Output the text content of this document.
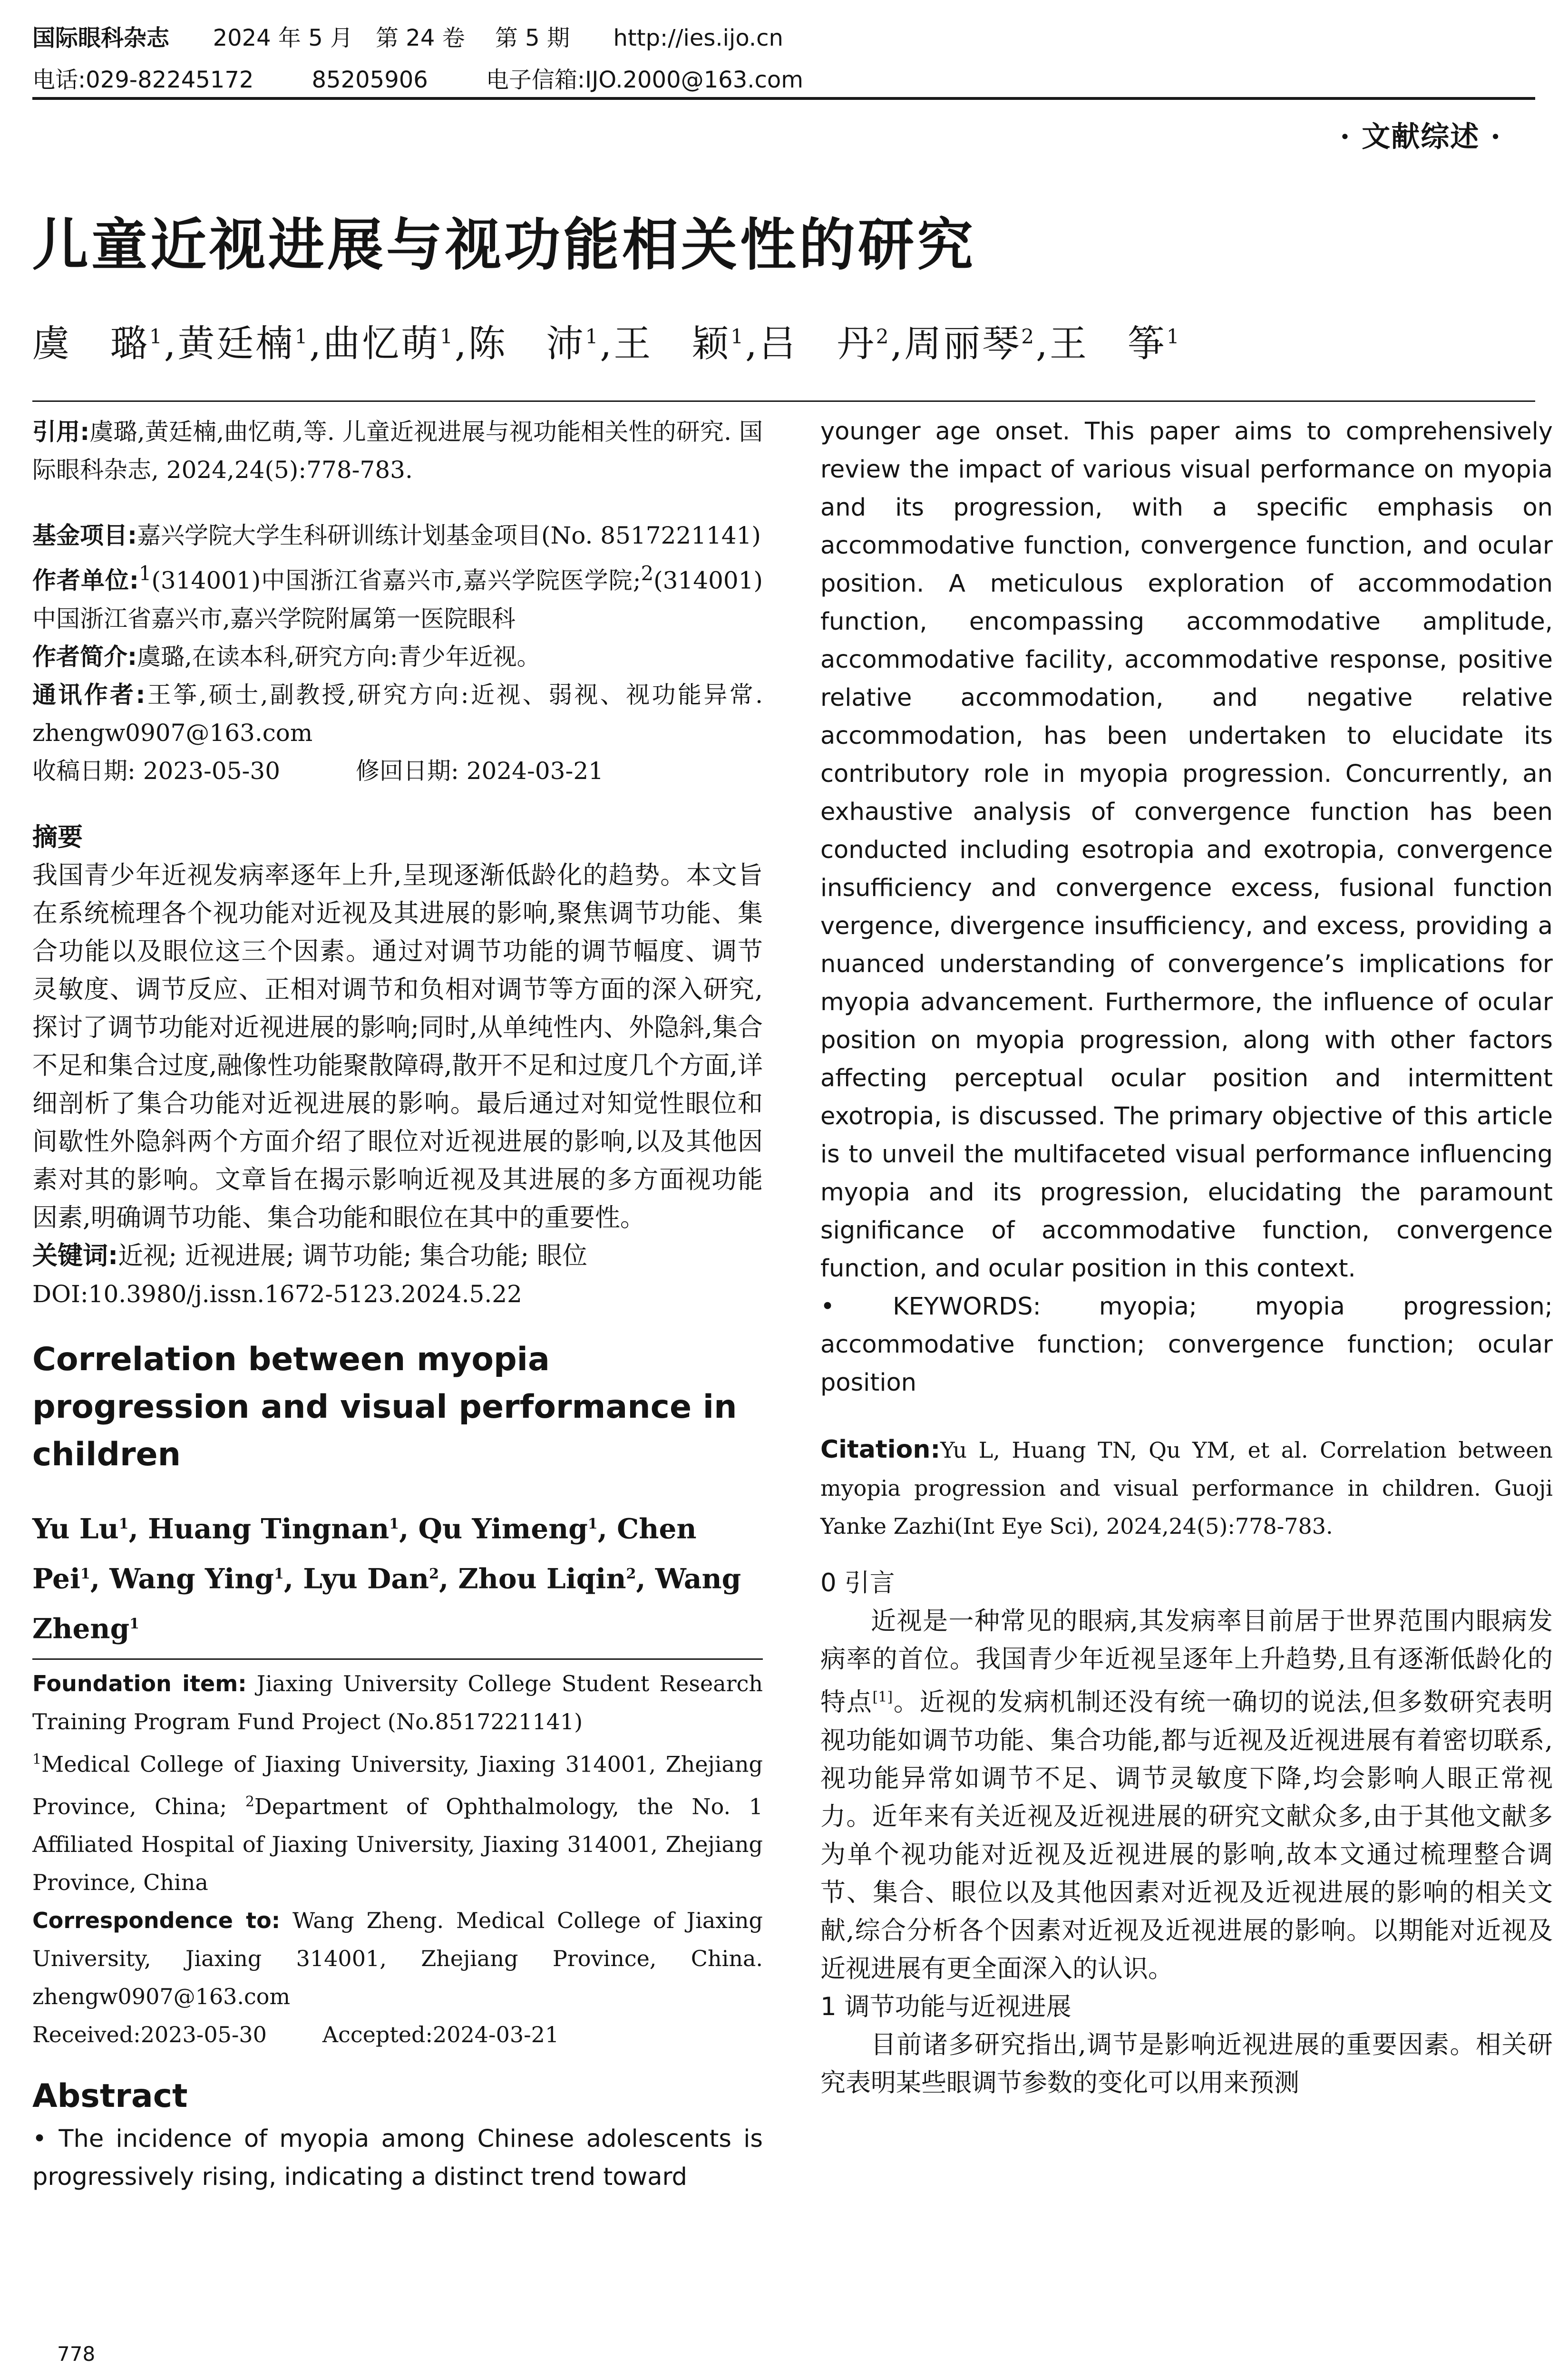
国际眼科杂志 2024 年 5 月　第 24 卷　 第 5 期 http://ies.ijo.cn
电话:029-82245172	85205906	电子信箱:IJO.2000@163.com
· 文献综述 ·
儿童近视进展与视功能相关性的研究
虞　璐$^1$,黄廷楠$^1$,曲忆萌$^1$,陈　沛$^1$,王　颖$^1$,吕　丹$^2$,周丽琴$^2$,王　筝$^1$

引用:虞璐,黄廷楠,曲忆萌,等. 儿童近视进展与视功能相关性的研究. 国际眼科杂志, 2024,24(5):778-783.

基金项目:嘉兴学院大学生科研训练计划基金项目(No. 8517221141)

作者单位:$^1$(314001)中国浙江省嘉兴市,嘉兴学院医学院;$^2$(314001)中国浙江省嘉兴市,嘉兴学院附属第一医院眼科

作者简介:虞璐,在读本科,研究方向:青少年近视。

通讯作者:王筝,硕士,副教授,研究方向:近视、弱视、视功能异常. zhengw0907@163.com

收稿日期: 2023-05-30	修回日期: 2024-03-21

摘要

我国青少年近视发病率逐年上升,呈现逐渐低龄化的趋势。本文旨在系统梳理各个视功能对近视及其进展的影响,聚焦调节功能、集合功能以及眼位这三个因素。通过对调节功能的调节幅度、调节灵敏度、调节反应、正相对调节和负相对调节等方面的深入研究,探讨了调节功能对近视进展的影响;同时,从单纯性内、外隐斜,集合不足和集合过度,融像性功能聚散障碍,散开不足和过度几个方面,详细剖析了集合功能对近视进展的影响。最后通过对知觉性眼位和间歇性外隐斜两个方面介绍了眼位对近视进展的影响,以及其他因素对其的影响。文章旨在揭示影响近视及其进展的多方面视功能因素,明确调节功能、集合功能和眼位在其中的重要性。

关键词:近视; 近视进展; 调节功能; 集合功能; 眼位

DOI:10.3980/j.issn.1672-5123.2024.5.22

Correlation between myopia progression and visual performance in children

Yu Lu$^1$, Huang Tingnan$^1$, Qu Yimeng$^1$, Chen Pei$^1$, Wang Ying$^1$, Lyu Dan$^2$, Zhou Liqin$^2$, Wang Zheng$^1$

Foundation item: Jiaxing University College Student Research Training Program Fund Project (No.8517221141)

$^1$Medical College of Jiaxing University, Jiaxing 314001, Zhejiang Province, China; $^2$Department of Ophthalmology, the No. 1 Affiliated Hospital of Jiaxing University, Jiaxing 314001, Zhejiang Province, China

Correspondence to: Wang Zheng. Medical College of Jiaxing University, Jiaxing 314001, Zhejiang Province, China. zhengw0907@163.com

Received:2023-05-30	Accepted:2024-03-21

Abstract

• The incidence of myopia among Chinese adolescents is progressively rising, indicating a distinct trend toward

younger age onset. This paper aims to comprehensively review the impact of various visual performance on myopia and its progression, with a specific emphasis on accommodative function, convergence function, and ocular position. A meticulous exploration of accommodation function, encompassing accommodative amplitude, accommodative facility, accommodative response, positive relative accommodation, and negative relative accommodation, has been undertaken to elucidate its contributory role in myopia progression. Concurrently, an exhaustive analysis of convergence function has been conducted including esotropia and exotropia, convergence insufficiency and convergence excess, fusional function vergence, divergence insufficiency, and excess, providing a nuanced understanding of convergence’s implications for myopia advancement. Furthermore, the influence of ocular position on myopia progression, along with other factors affecting perceptual ocular position and intermittent exotropia, is discussed. The primary objective of this article is to unveil the multifaceted visual performance influencing myopia and its progression, elucidating the paramount significance of accommodative function, convergence function, and ocular position in this context.

• KEYWORDS: myopia; myopia progression; accommodative function; convergence function; ocular position

Citation:Yu L, Huang TN, Qu YM, et al. Correlation between myopia progression and visual performance in children. Guoji Yanke Zazhi(Int Eye Sci), 2024,24(5):778-783.

0 引言

近视是一种常见的眼病,其发病率目前居于世界范围内眼病发病率的首位。我国青少年近视呈逐年上升趋势,且有逐渐低龄化的特点[1]。近视的发病机制还没有统一确切的说法,但多数研究表明视功能如调节功能、集合功能,都与近视及近视进展有着密切联系,视功能异常如调节不足、调节灵敏度下降,均会影响人眼正常视力。近年来有关近视及近视进展的研究文献众多,由于其他文献多为单个视功能对近视及近视进展的影响,故本文通过梳理整合调节、集合、眼位以及其他因素对近视及近视进展的影响的相关文献,综合分析各个因素对近视及近视进展的影响。以期能对近视及近视进展有更全面深入的认识。

1 调节功能与近视进展

目前诸多研究指出,调节是影响近视进展的重要因素。相关研究表明某些眼调节参数的变化可以用来预测

778
